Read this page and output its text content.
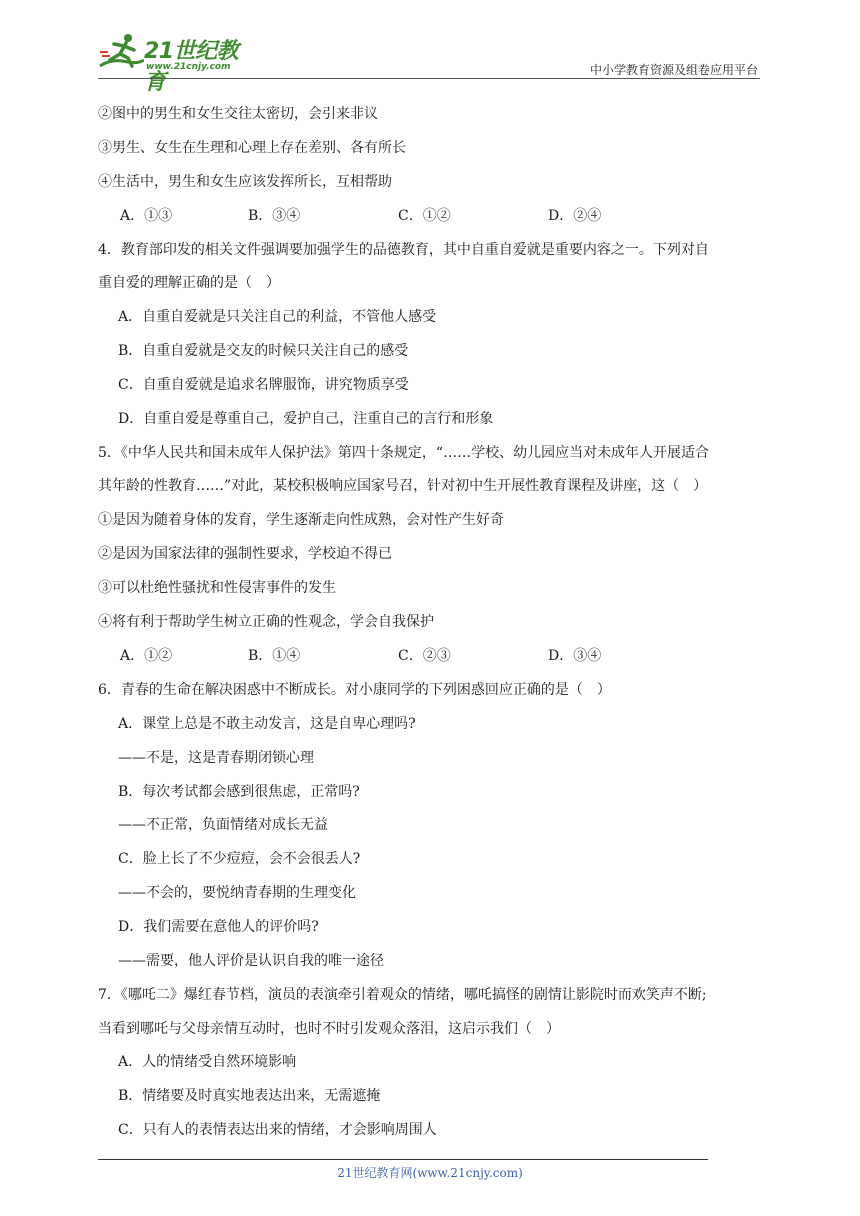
21世纪教育
www.21cnjy.com	中小学教育资源及组卷应用平台
②图中的男生和女生交往太密切，会引来非议
③男生、女生在生理和心理上存在差别、各有所长
④生活中，男生和女生应该发挥所长，互相帮助
A．①③	B．③④	C．①②	D．②④
4．教育部印发的相关文件强调要加强学生的品德教育，其中自重自爱就是重要内容之一。下列对自
重自爱的理解正确的是（　）
A．自重自爱就是只关注自己的利益，不管他人感受
B．自重自爱就是交友的时候只关注自己的感受
C．自重自爱就是追求名牌服饰，讲究物质享受
D．自重自爱是尊重自己，爱护自己，注重自己的言行和形象
5．《中华人民共和国未成年人保护法》第四十条规定，“……学校、幼儿园应当对未成年人开展适合
其年龄的性教育……”对此，某校积极响应国家号召，针对初中生开展性教育课程及讲座，这（　）
①是因为随着身体的发育，学生逐渐走向性成熟，会对性产生好奇
②是因为国家法律的强制性要求，学校迫不得已
③可以杜绝性骚扰和性侵害事件的发生
④将有利于帮助学生树立正确的性观念，学会自我保护
A．①②	B．①④	C．②③	D．③④
6．青春的生命在解决困惑中不断成长。对小康同学的下列困惑回应正确的是（　）
A．课堂上总是不敢主动发言，这是自卑心理吗?
——不是，这是青春期闭锁心理
B．每次考试都会感到很焦虑，正常吗?
——不正常，负面情绪对成长无益
C．脸上长了不少痘痘，会不会很丢人?
——不会的，要悦纳青春期的生理变化
D．我们需要在意他人的评价吗?
——需要，他人评价是认识自我的唯一途径
7．《哪吒二》爆红春节档，演员的表演牵引着观众的情绪，哪吒搞怪的剧情让影院时而欢笑声不断;
当看到哪吒与父母亲情互动时，也时不时引发观众落泪，这启示我们（　）
A．人的情绪受自然环境影响
B．情绪要及时真实地表达出来，无需遮掩
C．只有人的表情表达出来的情绪，才会影响周围人
21世纪教育网(www.21cnjy.com)
